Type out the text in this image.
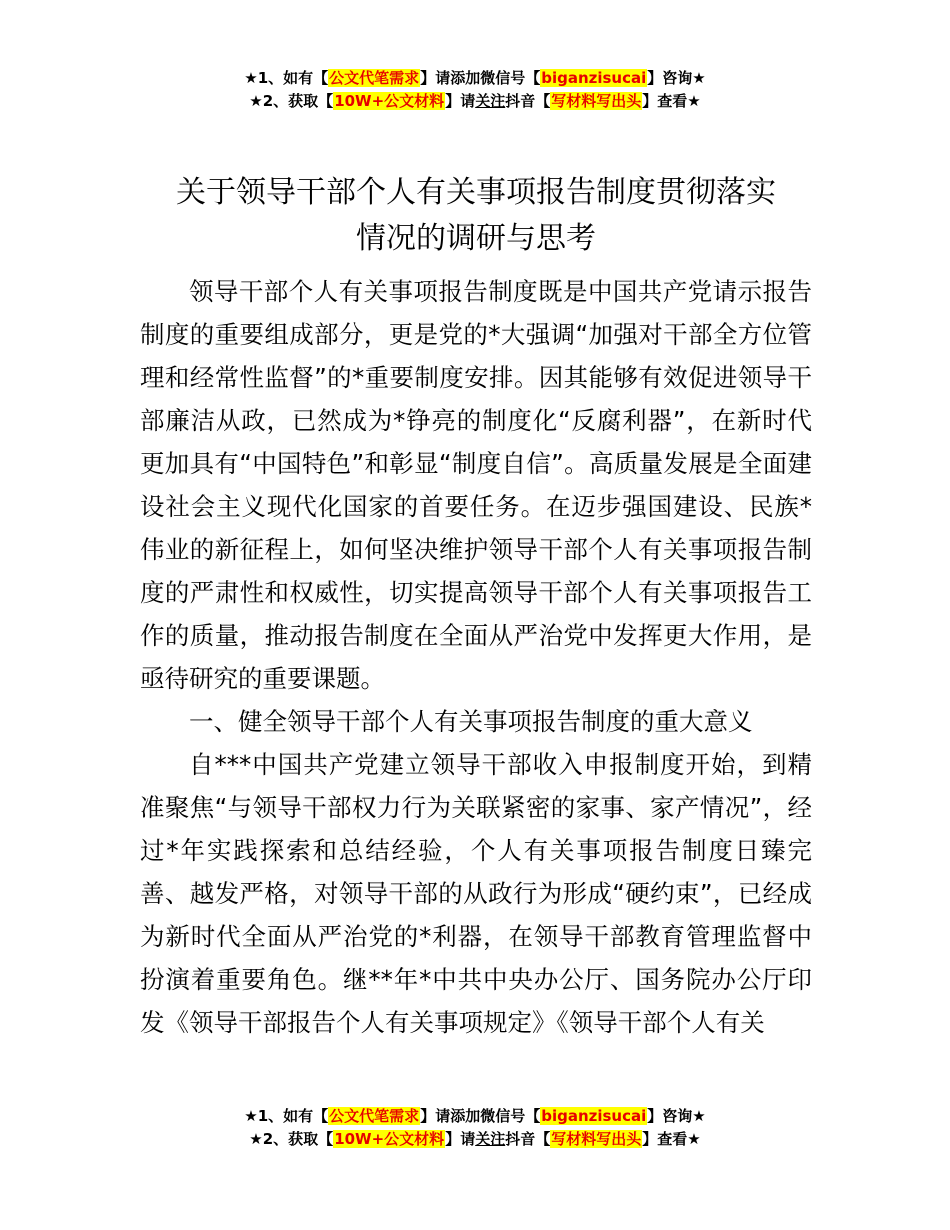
★1、如有【公文代笔需求】请添加微信号【biganzisucai】咨询★
★2、获取【10W+公文材料】请关注抖音【写材料写出头】查看★
关于领导干部个人有关事项报告制度贯彻落实
情况的调研与思考

领导干部个人有关事项报告制度既是中国共产党请示报告制度的重要组成部分，更是党的*大强调“加强对干部全方位管理和经常性监督”的*重要制度安排。因其能够有效促进领导干部廉洁从政，已然成为*铮亮的制度化“反腐利器”，在新时代更加具有“中国特色”和彰显“制度自信”。高质量发展是全面建设社会主义现代化国家的首要任务。在迈步强国建设、民族*伟业的新征程上，如何坚决维护领导干部个人有关事项报告制度的严肃性和权威性，切实提高领导干部个人有关事项报告工作的质量，推动报告制度在全面从严治党中发挥更大作用，是亟待研究的重要课题。

一、健全领导干部个人有关事项报告制度的重大意义

自***中国共产党建立领导干部收入申报制度开始，到精准聚焦“与领导干部权力行为关联紧密的家事、家产情况”，经过*年实践探索和总结经验，个人有关事项报告制度日臻完善、越发严格，对领导干部的从政行为形成“硬约束”，已经成为新时代全面从严治党的*利器，在领导干部教育管理监督中扮演着重要角色。继**年*中共中央办公厅、国务院办公厅印发《领导干部报告个人有关事项规定》《领导干部个人有关

★1、如有【公文代笔需求】请添加微信号【biganzisucai】咨询★
★2、获取【10W+公文材料】请关注抖音【写材料写出头】查看★
